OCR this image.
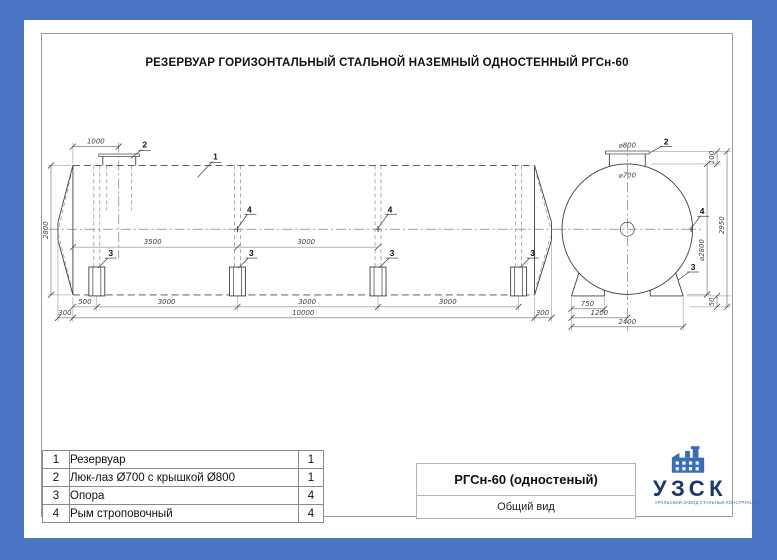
1000
2800
3500	3000
500	3000	3000	3000
300	10000	300
1
2
3	3	3	3
4	4
⌀800
⌀700
100
2950
⌀2800
50
750
1200
2400
2
4
3
РЕЗЕРВУАР ГОРИЗОНТАЛЬНЫЙ СТАЛЬНОЙ НАЗЕМНЫЙ ОДНОСТЕННЫЙ РГСн-60
1	Резервуар	1
2	Люк-лаз Ø700 с крышкой Ø800	1
3	Опора	4
4	Рым строповочный	4
РГСн-60 (одностеный)
Общий вид
УЗСК
УРАЛЬСКИЙ ЗАВОД СТАЛЬНЫХ КОНСТРУКЦИЙ
